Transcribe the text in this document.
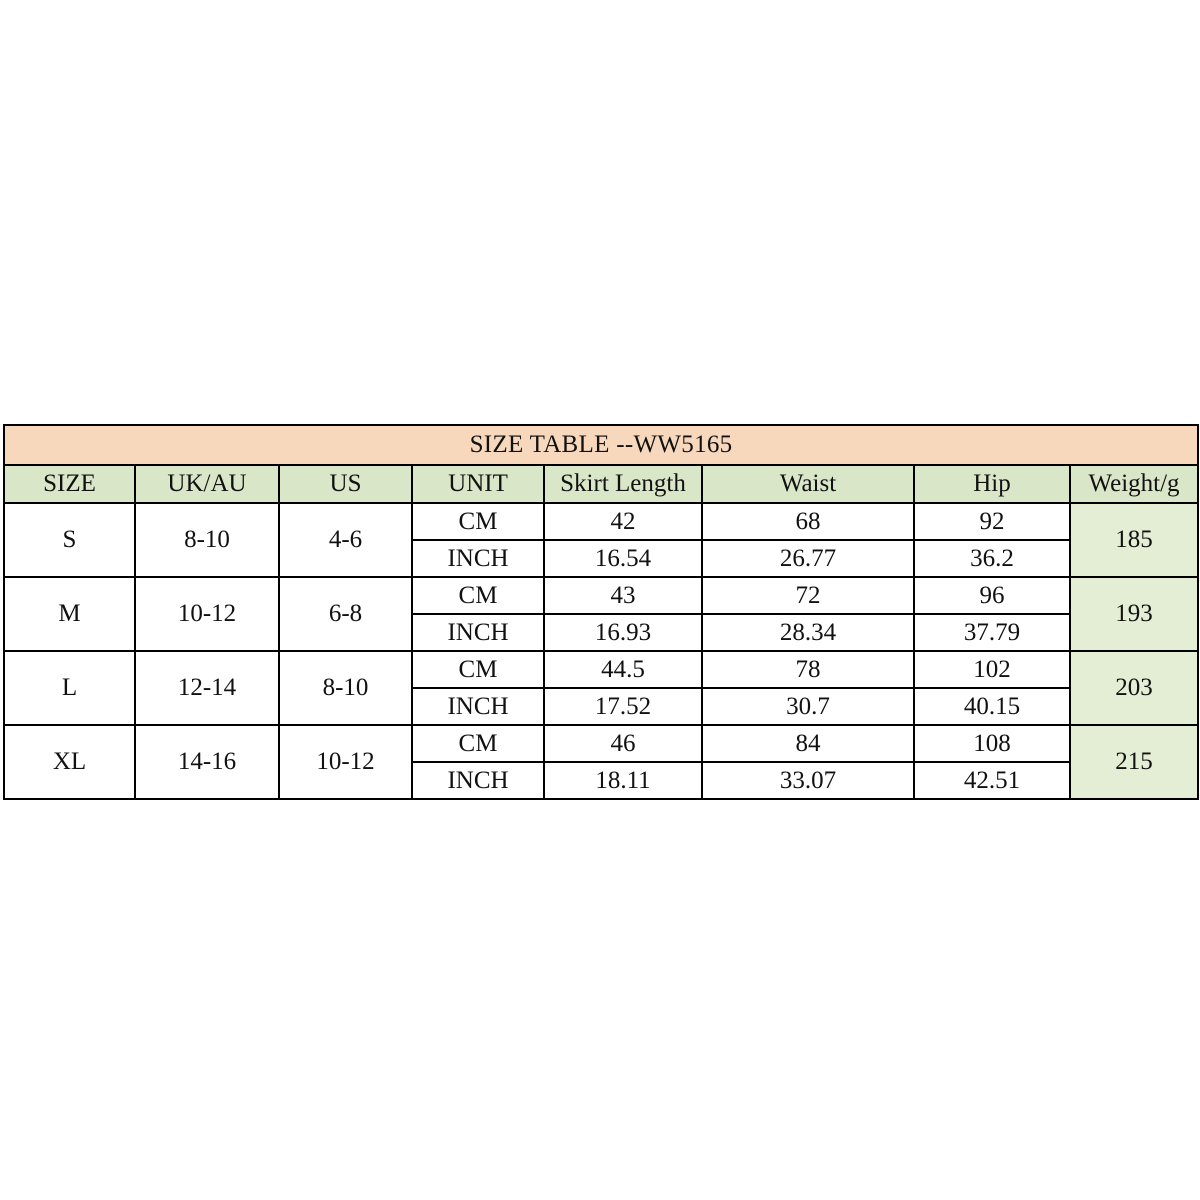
SIZE TABLE --WW5165							
SIZE	UK/AU	US	UNIT	Skirt Length	Waist	Hip	Weight/g
S	8-10	4-6	CM	42	68	92	185
			INCH	16.54	26.77	36.2	
M	10-12	6-8	CM	43	72	96	193
			INCH	16.93	28.34	37.79	
L	12-14	8-10	CM	44.5	78	102	203
			INCH	17.52	30.7	40.15	
XL	14-16	10-12	CM	46	84	108	215
			INCH	18.11	33.07	42.51	
